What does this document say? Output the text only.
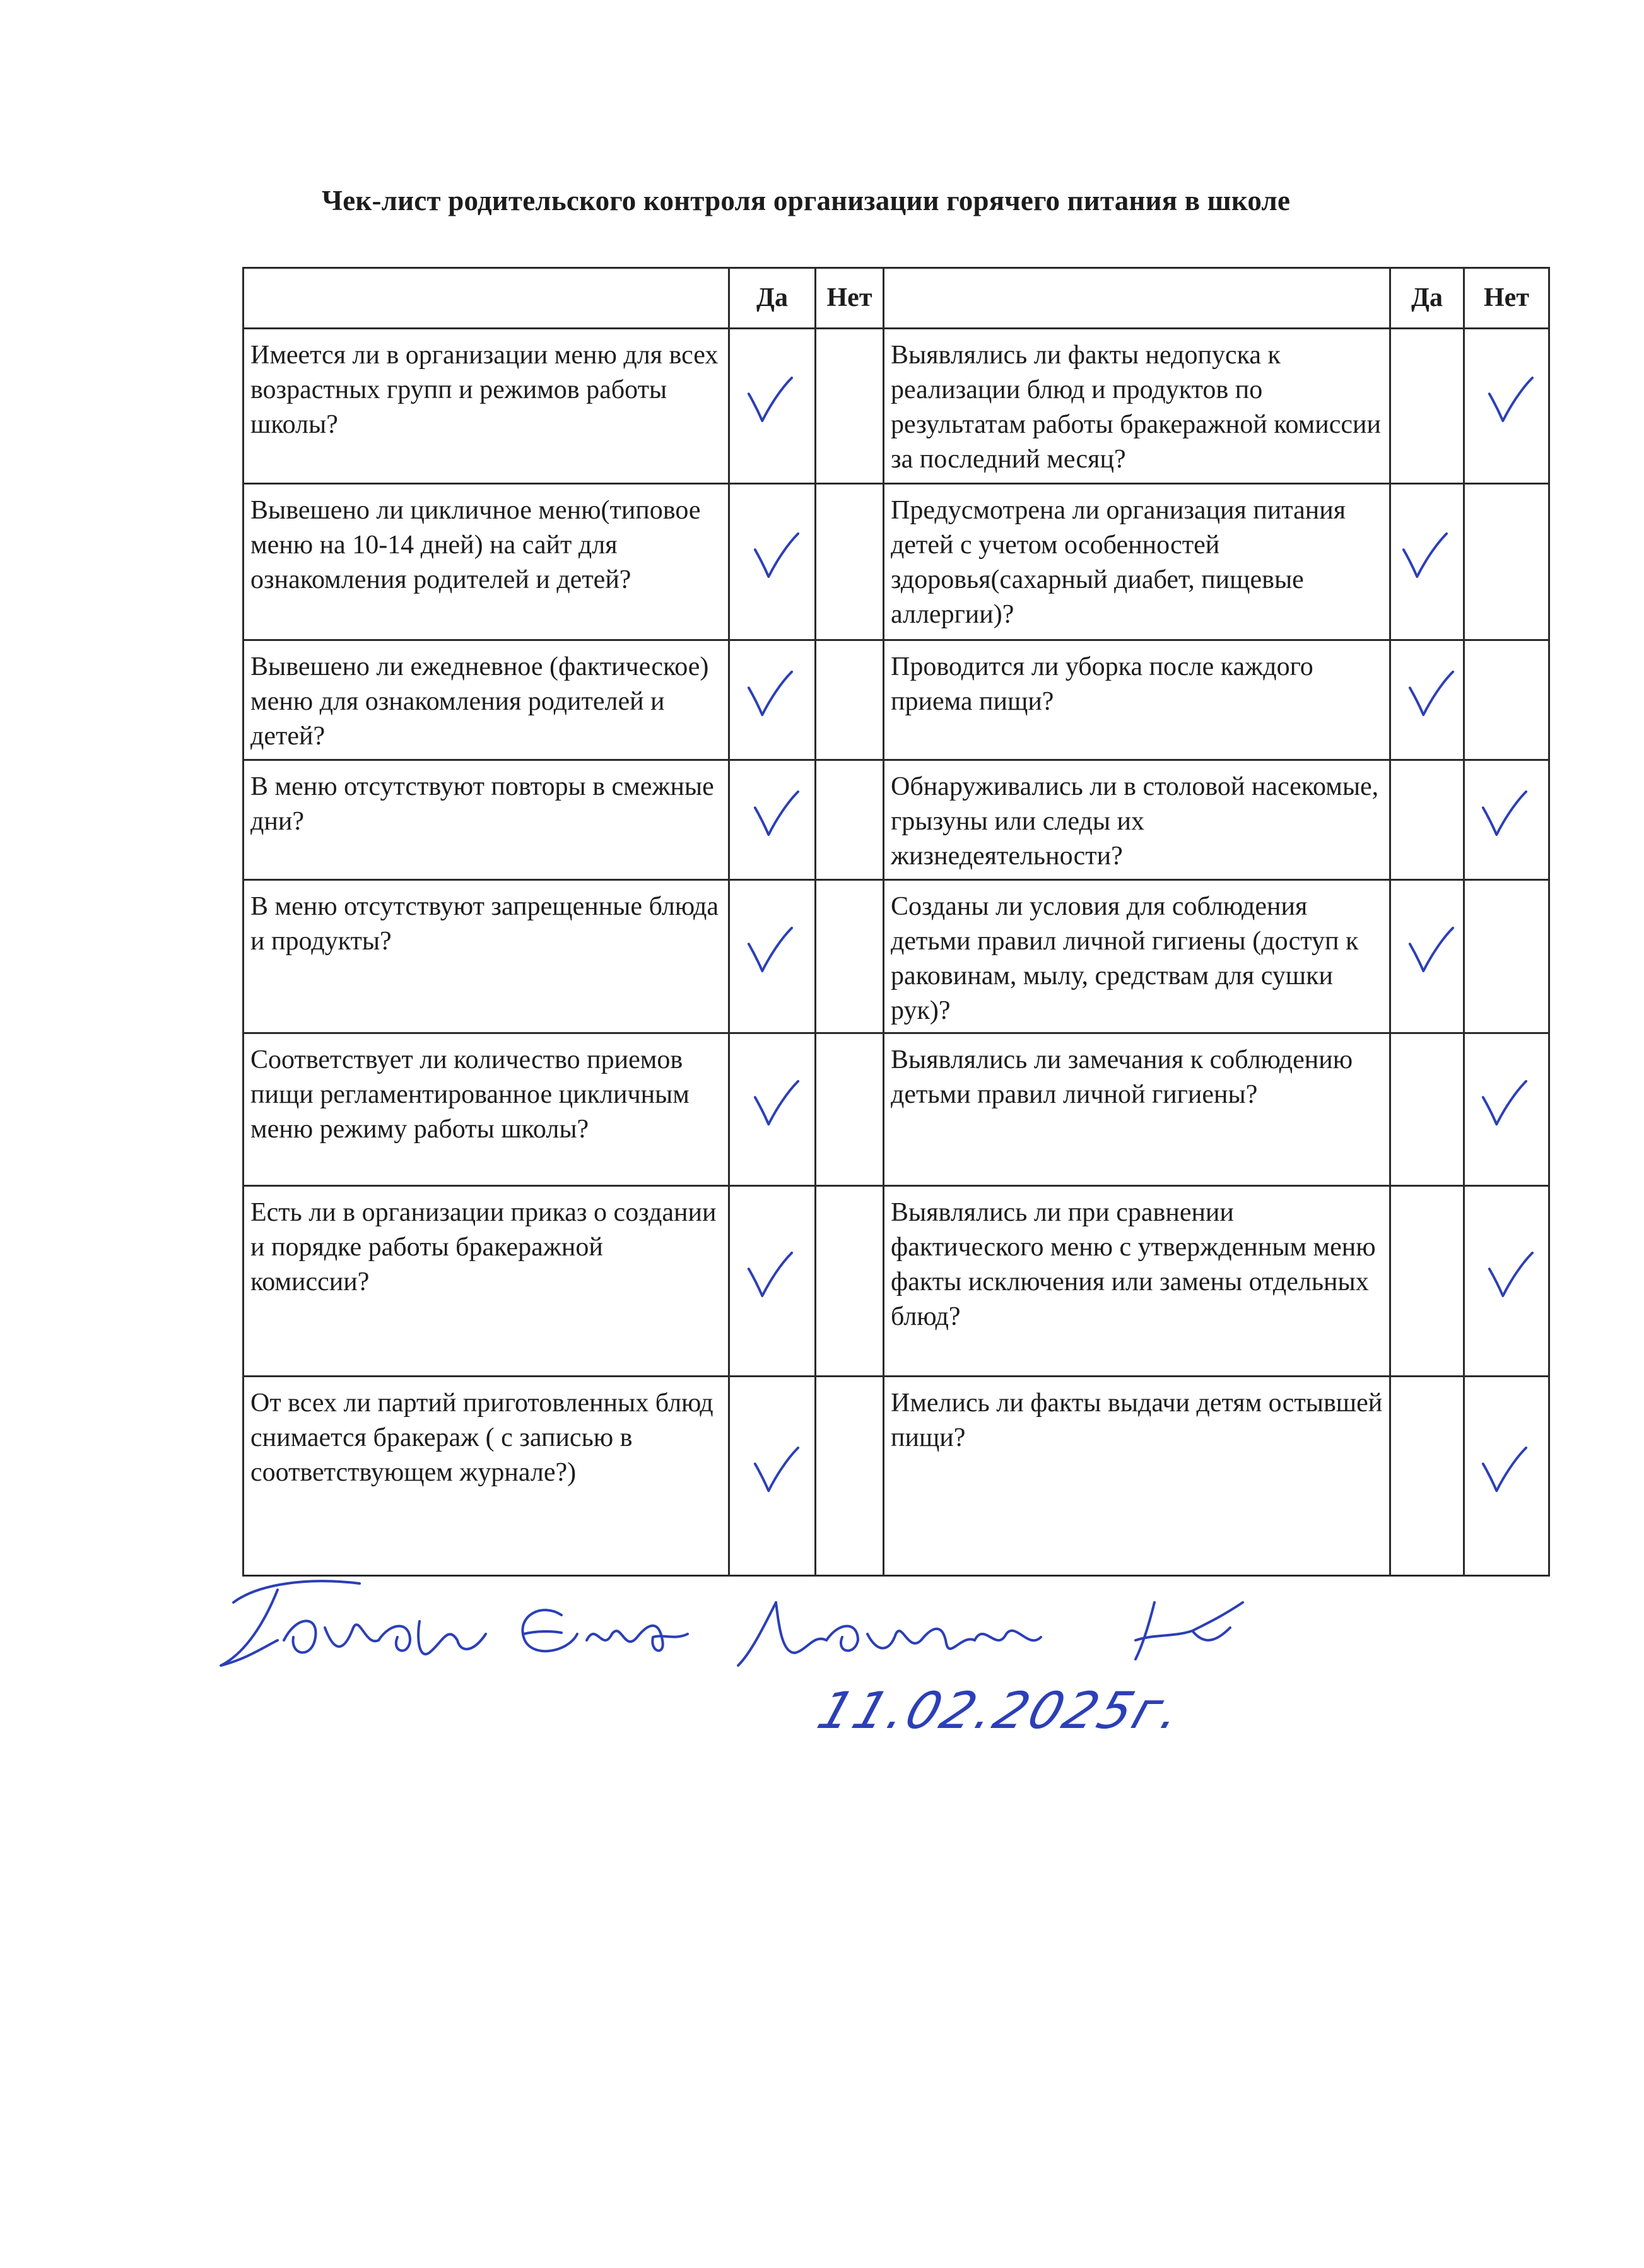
Чек-лист родительского контроля организации горячего питания в школе
	Да	Нет		Да	Нет
Имеется ли в организации меню для всех возрастных групп и режимов работы школы?			Выявлялись ли факты недопуска к реализации блюд и продуктов по результатам работы бракеражной комиссии за последний месяц?		

Вывешено ли цикличное меню(типовое меню на 10-14 дней) на сайт для ознакомления родителей и детей?			Предусмотрена ли организация питания детей с учетом особенностей здоровья(сахарный диабет, пищевые аллергии)?	

Вывешено ли ежедневное (фактическое) меню для ознакомления родителей и детей?			Проводится ли уборка после каждого приема пищи?	

В меню отсутствуют повторы в смежные дни?			Обнаруживались ли в столовой насекомые, грызуны или следы их жизнедеятельности?		

В меню отсутствуют запрещенные блюда и продукты?			Созданы ли условия для соблюдения детьми правил личной гигиены (доступ к раковинам, мылу, средствам для сушки рук)?	

Соответствует ли количество приемов пищи регламентированное цикличным меню режиму работы школы?			Выявлялись ли замечания к соблюдению детьми правил личной гигиены?		

Есть ли в организации приказ о создании и порядке работы бракеражной комиссии?			Выявлялись ли при сравнении фактического меню с утвержденным меню факты исключения или замены отдельных блюд?		

От всех ли партий приготовленных блюд снимается бракераж ( с записью в соответствующем журнале?)			Имелись ли факты выдачи детям остывшей пищи?		
11.02.2025г.
